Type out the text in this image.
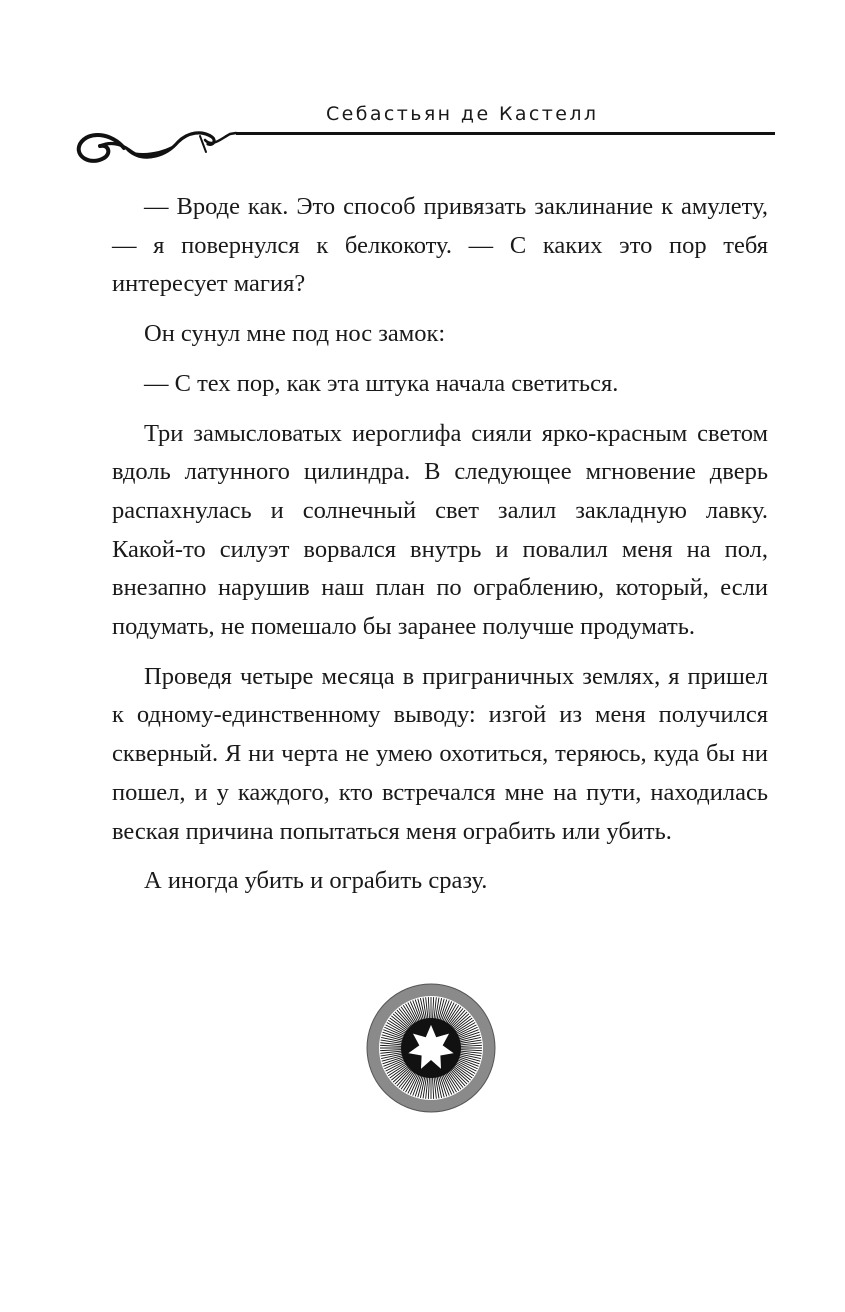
Себастьян де Кастелл

— Вроде как. Это способ привязать заклинание к амулету, — я повернулся к белкокоту. — С каких это пор тебя интересует магия?

Он сунул мне под нос замок:

— С тех пор, как эта штука начала светиться.

Три замысловатых иероглифа сияли ярко-красным светом вдоль латунного цилиндра. В следующее мгновение дверь распахнулась и солнечный свет залил закладную лавку. Какой-то силуэт ворвался внутрь и повалил меня на пол, внезапно нарушив наш план по ограблению, который, если подумать, не помешало бы заранее получше продумать.

Проведя четыре месяца в приграничных землях, я пришел к одному-единственному выводу: изгой из меня получился скверный. Я ни черта не умею охотиться, теряюсь, куда бы ни пошел, и у каждого, кто встречался мне на пути, находилась веская причина попытаться меня ограбить или убить.

А иногда убить и ограбить сразу.
